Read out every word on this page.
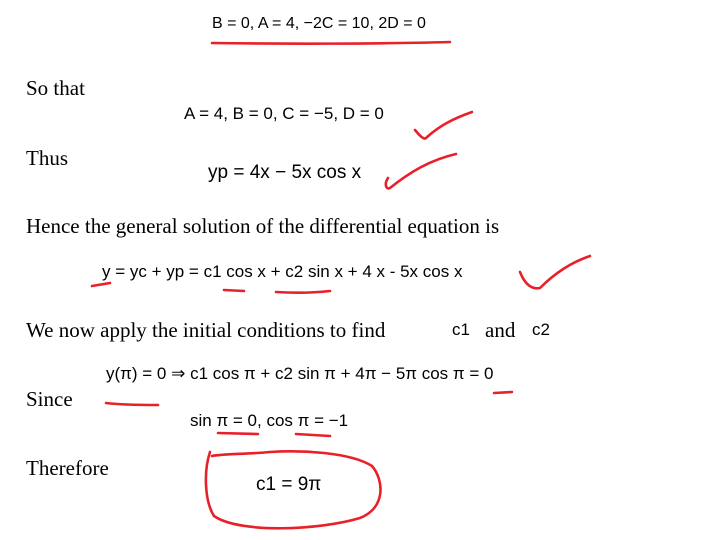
B = 0, A = 4, −2C = 10, 2D = 0
So that
A = 4, B = 0, C = −5, D = 0
Thus
yp = 4x − 5x cos x
Hence the general solution of the differential equation is
y = yc + yp = c1 cos x + c2 sin x + 4 x - 5x cos x
We now apply the initial conditions to find	c1 and c2
y(π) = 0 ⇒ c1 cos π + c2 sin π + 4π − 5π cos π = 0
Since
sin π = 0, cos π = −1
Therefore
c1 = 9π
